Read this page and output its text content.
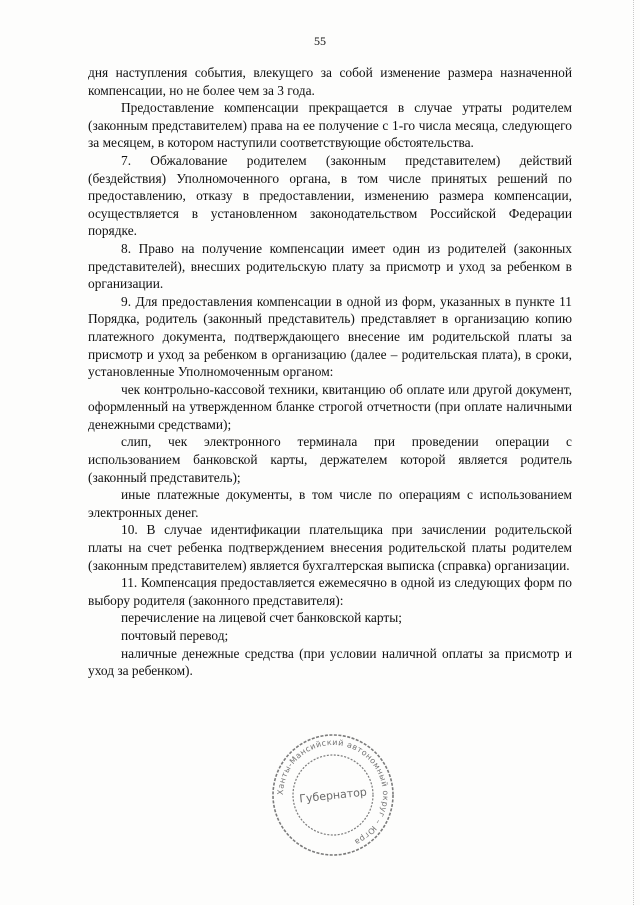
55

дня наступления события, влекущего за собой изменение размера назначенной компенсации, но не более чем за 3 года.

Предоставление компенсации прекращается в случае утраты родителем (законным представителем) права на ее получение с 1-го числа месяца, следующего за месяцем, в котором наступили соответствующие обстоятельства.

7. Обжалование родителем (законным представителем) действий (бездействия) Уполномоченного органа, в том числе принятых решений по предоставлению, отказу в предоставлении, изменению размера компенсации, осуществляется в установленном законодательством Российской Федерации порядке.

8. Право на получение компенсации имеет один из родителей (законных представителей), внесших родительскую плату за присмотр и уход за ребенком в организации.

9. Для предоставления компенсации в одной из форм, указанных в пункте 11 Порядка, родитель (законный представитель) представляет в организацию копию платежного документа, подтверждающего внесение им родительской платы за присмотр и уход за ребенком в организацию (далее – родительская плата), в сроки, установленные Уполномоченным органом:

чек контрольно-кассовой техники, квитанцию об оплате или другой документ, оформленный на утвержденном бланке строгой отчетности (при оплате наличными денежными средствами);

слип, чек электронного терминала при проведении операции с использованием банковской карты, держателем которой является родитель (законный представитель);

иные платежные документы, в том числе по операциям с использованием электронных денег.

10. В случае идентификации плательщика при зачислении родительской платы на счет ребенка подтверждением внесения родительской платы родителем (законным представителем) является бухгалтерская выписка (справка) организации.

11. Компенсация предоставляется ежемесячно в одной из следующих форм по выбору родителя (законного представителя):

перечисление на лицевой счет банковской карты;

почтовый перевод;

наличные денежные средства (при условии наличной оплаты за присмотр и уход за ребенком).

Ханты-Мансийский автономный округ – Югра
Губернатор
